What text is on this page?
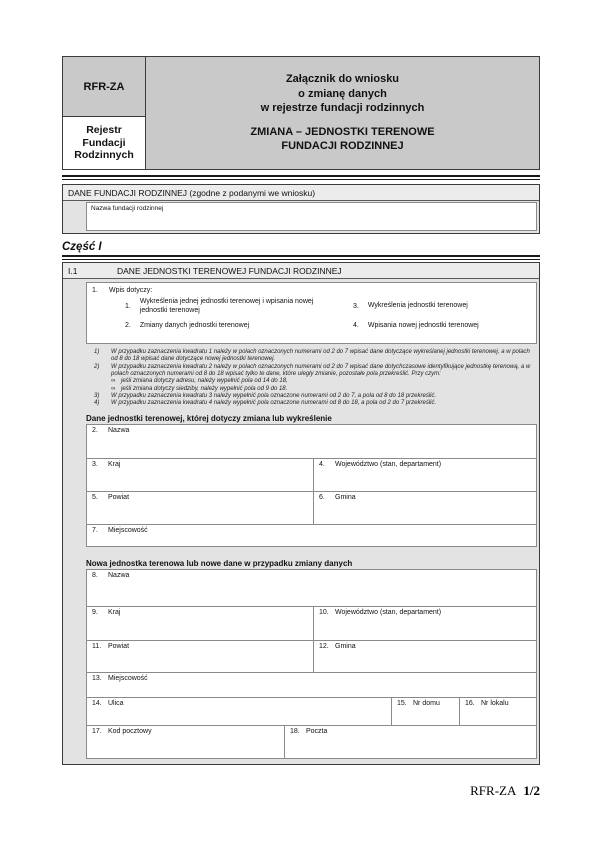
RFR-ZA
Rejestr
Fundacji
Rodzinnych
Załącznik do wniosku
o zmianę danych
w rejestrze fundacji rodzinnych
ZMIANA – JEDNOSTKI TERENOWE
FUNDACJI RODZINNEJ
DANE FUNDACJI RODZINNEJ (zgodne z podanymi we wniosku)
Nazwa fundacji rodzinnej
Część I
I.1	DANE JEDNOSTKI TERENOWEJ FUNDACJI RODZINNEJ
1.	Wpis dotyczy:
1.
Wykreślenia jednej jednostki terenowej i wpisania nowej jednostki terenowej	3. Wykreślenia jednostki terenowej
2. Zmiany danych jednostki terenowej	4. Wpisania nowej jednostki terenowej
1)	W przypadku zaznaczenia kwadratu 1 należy w polach oznaczonych numerami od 2 do 7 wpisać dane dotyczące wykreślanej jednostki terenowej, a w polach od 8 do 18 wpisać dane dotyczące nowej jednostki terenowej.
2)	W przypadku zaznaczenia kwadratu 2 należy w polach oznaczonych numerami od 2 do 7 wpisać dane dotychczasowe identyfikujące jednostkę terenową, a w polach oznaczonych numerami od 8 do 18 wpisać tylko te dane, które uległy zmianie, pozostałe pola przekreślić. Przy czym:
∞ jeśli zmiana dotyczy adresu, należy wypełnić pola od 14 do 18,
∞ jeśli zmiana dotyczy siedziby, należy wypełnić pola od 9 do 18.
3)	W przypadku zaznaczenia kwadratu 3 należy wypełnić pola oznaczone numerami od 2 do 7, a pola od 8 do 18 przekreślić.
4)	W przypadku zaznaczenia kwadratu 4 należy wypełnić pola oznaczone numerami od 8 do 18, a pola od 2 do 7 przekreślić.
Dane jednostki terenowej, której dotyczy zmiana lub wykreślenie
2.	Nazwa
3.	Kraj	4.	Województwo (stan, departament)
5.	Powiat	6.	Gmina
7.	Miejscowość
Nowa jednostka terenowa lub nowe dane w przypadku zmiany danych
8.	Nazwa
9.	Kraj	10. Województwo (stan, departament)
11. Powiat	12. Gmina
13. Miejscowość
14. Ulica	15. Nr domu	16. Nr lokalu
17. Kod pocztowy	18. Poczta
RFR-ZA 1/2
